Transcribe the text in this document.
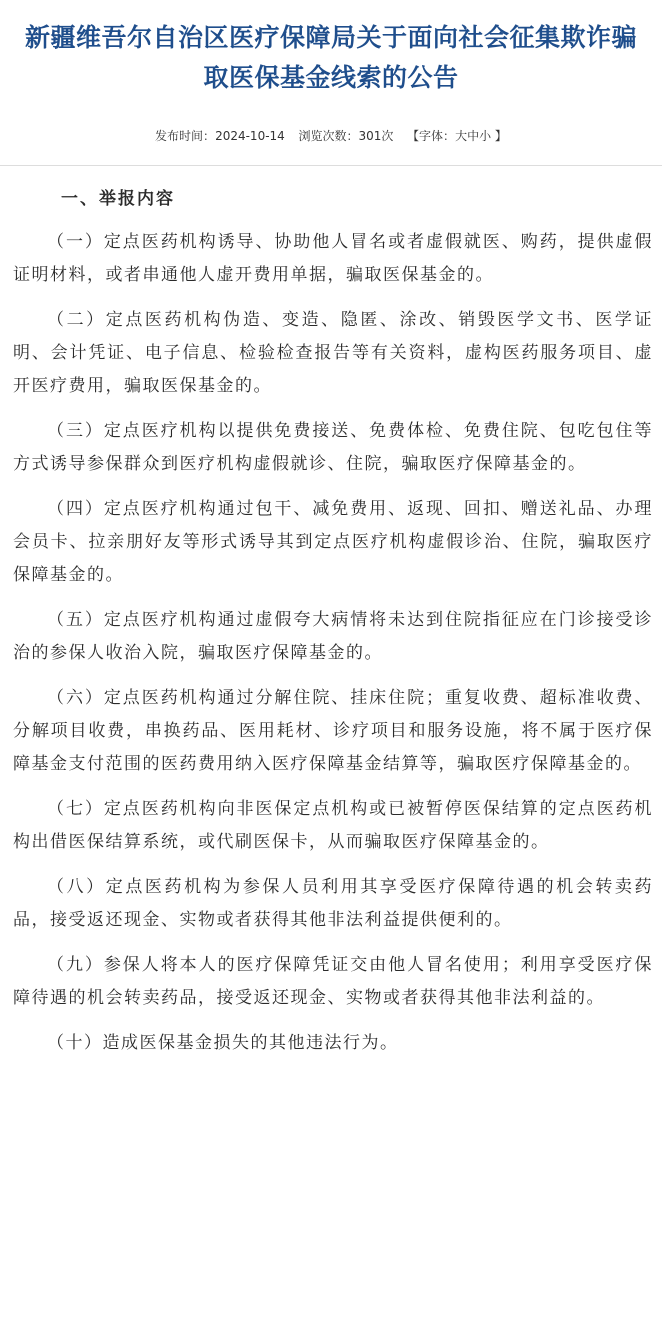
新疆维吾尔自治区医疗保障局关于面向社会征集欺诈骗取医保基金线索的公告
发布时间：2024-10-14 浏览次数：301次 【字体：大中小 】

一、举报内容

（一）定点医药机构诱导、协助他人冒名或者虚假就医、购药，提供虚假证明材料，或者串通他人虚开费用单据，骗取医保基金的。

（二）定点医药机构伪造、变造、隐匿、涂改、销毁医学文书、医学证明、会计凭证、电子信息、检验检查报告等有关资料，虚构医药服务项目、虚开医疗费用，骗取医保基金的。

（三）定点医疗机构以提供免费接送、免费体检、免费住院、包吃包住等方式诱导参保群众到医疗机构虚假就诊、住院，骗取医疗保障基金的。

（四）定点医疗机构通过包干、减免费用、返现、回扣、赠送礼品、办理会员卡、拉亲朋好友等形式诱导其到定点医疗机构虚假诊治、住院，骗取医疗保障基金的。

（五）定点医疗机构通过虚假夸大病情将未达到住院指征应在门诊接受诊治的参保人收治入院，骗取医疗保障基金的。

（六）定点医药机构通过分解住院、挂床住院；重复收费、超标准收费、分解项目收费，串换药品、医用耗材、诊疗项目和服务设施，将不属于医疗保障基金支付范围的医药费用纳入医疗保障基金结算等，骗取医疗保障基金的。

（七）定点医药机构向非医保定点机构或已被暂停医保结算的定点医药机构出借医保结算系统，或代刷医保卡，从而骗取医疗保障基金的。

（八）定点医药机构为参保人员利用其享受医疗保障待遇的机会转卖药品，接受返还现金、实物或者获得其他非法利益提供便利的。

（九）参保人将本人的医疗保障凭证交由他人冒名使用；利用享受医疗保障待遇的机会转卖药品，接受返还现金、实物或者获得其他非法利益的。

（十）造成医保基金损失的其他违法行为。
